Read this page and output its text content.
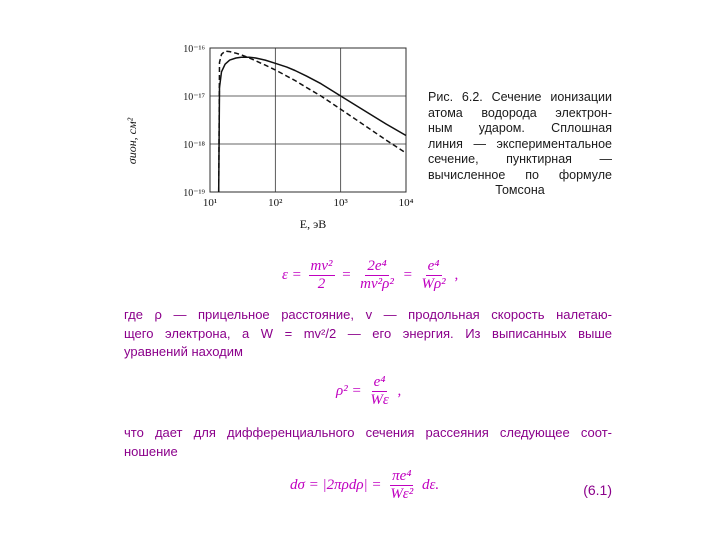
10¹	10²	10³	10⁴
10⁻¹⁶
10⁻¹⁷
10⁻¹⁸
10⁻¹⁹
σион, см²
E, эВ
Рис. 6.2. Сечение ионизации
атома водорода электрон-
ным ударом. Сплошная
линия — экспериментальное
сечение, пунктирная —
вычисленное по формуле
Томсона
$\varepsilon = \frac{\text{mv²}}{2} = \frac{\text{2e⁴}}{\text{mv²ρ²}} = \frac{\text{e⁴}}{\text{Wρ²}}$ ,
где ρ — прицельное расстояние, v — продольная скорость налетаю-
щего электрона, а W = mv²/2 — его энергия. Из выписанных выше
уравнений находим
$\rho^2 = \frac{\text{e⁴}}{W\varepsilon}$ ,
что дает для дифференциального сечения рассеяния следующее соот-
ношение
$d\sigma = |2\pi\rho d\rho| = \frac{\text{πe⁴}}{\text{Wε²}} d\varepsilon$.	(6.1)
